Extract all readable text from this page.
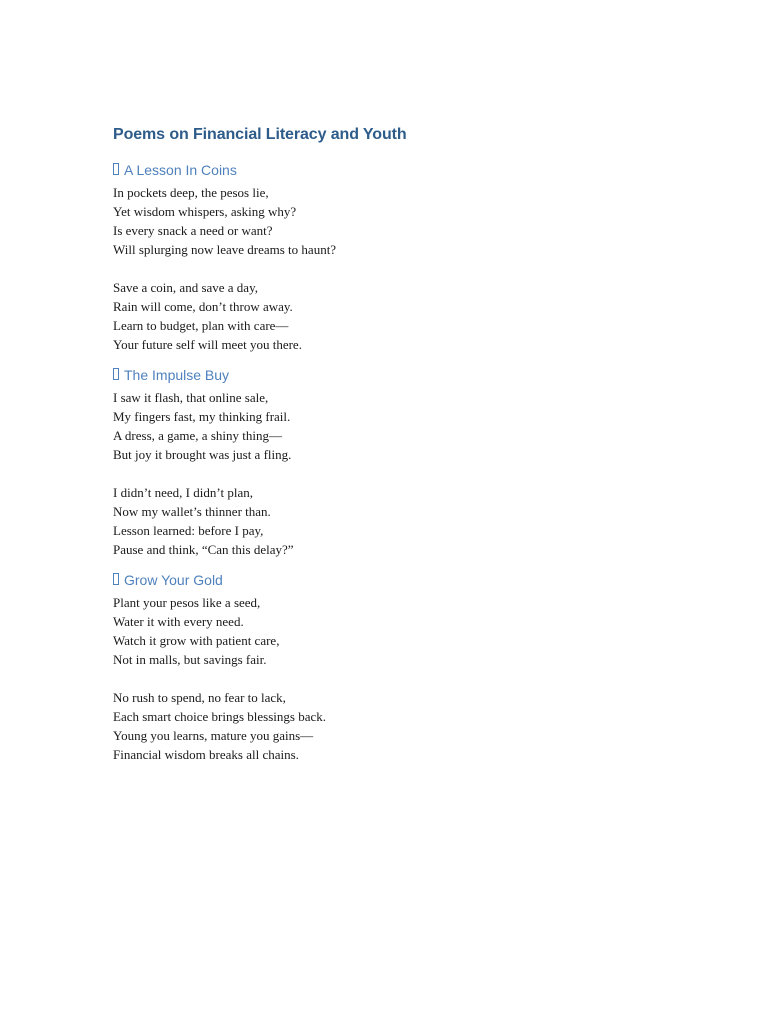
Poems on Financial Literacy and Youth
A Lesson In Coins
In pockets deep, the pesos lie,
Yet wisdom whispers, asking why?
Is every snack a need or want?
Will splurging now leave dreams to haunt?
Save a coin, and save a day,
Rain will come, don’t throw away.
Learn to budget, plan with care—
Your future self will meet you there.
The Impulse Buy
I saw it flash, that online sale,
My fingers fast, my thinking frail.
A dress, a game, a shiny thing—
But joy it brought was just a fling.
I didn’t need, I didn’t plan,
Now my wallet’s thinner than.
Lesson learned: before I pay,
Pause and think, “Can this delay?”
Grow Your Gold
Plant your pesos like a seed,
Water it with every need.
Watch it grow with patient care,
Not in malls, but savings fair.
No rush to spend, no fear to lack,
Each smart choice brings blessings back.
Young you learns, mature you gains—
Financial wisdom breaks all chains.
